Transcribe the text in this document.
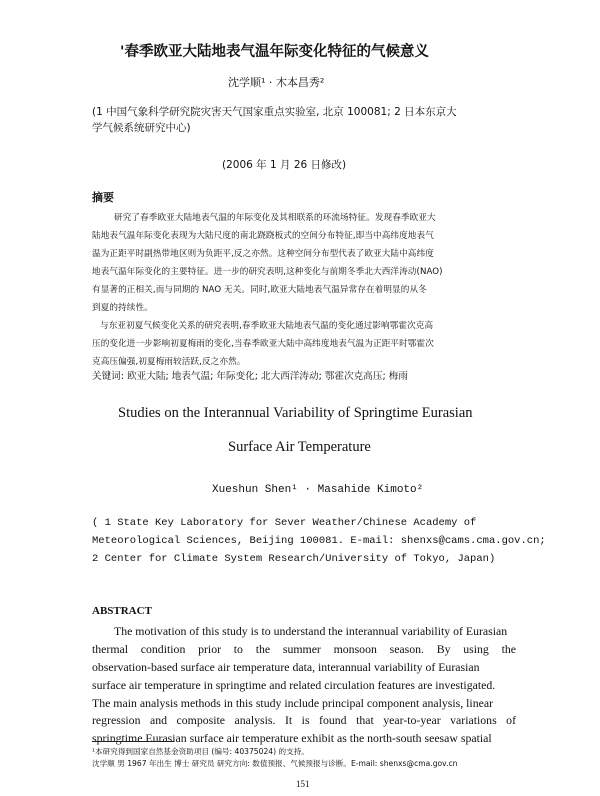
'春季欧亚大陆地表气温年际变化特征的气候意义
沈学顺¹ · 木本昌秀²
(1 中国气象科学研究院灾害天气国家重点实验室, 北京 100081; 2 日本东京大
学气候系统研究中心)
(2006 年 1 月 26 日修改)
摘要
研究了春季欧亚大陆地表气温的年际变化及其相联系的环流场特征。发现春季欧亚大
陆地表气温年际变化表现为大陆尺度的南北跷跷板式的空间分布特征,即当中高纬度地表气
温为正距平时副热带地区则为负距平,反之亦然。这种空间分布型代表了欧亚大陆中高纬度
地表气温年际变化的主要特征。进一步的研究表明,这种变化与前期冬季北大西洋涛动(NAO)
有显著的正相关,而与同期的 NAO 无关。同时,欧亚大陆地表气温异常存在着明显的从冬
到夏的持续性。
与东亚初夏气候变化关系的研究表明,春季欧亚大陆地表气温的变化通过影响鄂霍次克高
压的变化进一步影响初夏梅雨的变化,当春季欧亚大陆中高纬度地表气温为正距平时鄂霍次
克高压偏强,初夏梅雨较活跃,反之亦然。
关键词: 欧亚大陆; 地表气温; 年际变化; 北大西洋涛动; 鄂霍次克高压; 梅雨
Studies on the Interannual Variability of Springtime Eurasian
Surface Air Temperature
Xueshun Shen¹ · Masahide Kimoto²
( 1 State Key Laboratory for Sever Weather/Chinese Academy of
Meteorological Sciences, Beijing 100081. E-mail: shenxs@cams.cma.gov.cn;
2 Center for Climate System Research/University of Tokyo, Japan)
ABSTRACT
The motivation of this study is to understand the interannual variability of Eurasian
thermal condition prior to the summer monsoon season. By using the
observation-based surface air temperature data, interannual variability of Eurasian
surface air temperature in springtime and related circulation features are investigated.
The main analysis methods in this study include principal component analysis, linear
regression and composite analysis. It is found that year-to-year variations of
springtime Eurasian surface air temperature exhibit as the north-south seesaw spatial
¹本研究得到国家自然基金资助项目 (编号: 40375024) 的支持。
沈学顺 男 1967 年出生 博士 研究员 研究方向: 数值预报、气候预报与诊断。E-mail: shenxs@cma.gov.cn
151
